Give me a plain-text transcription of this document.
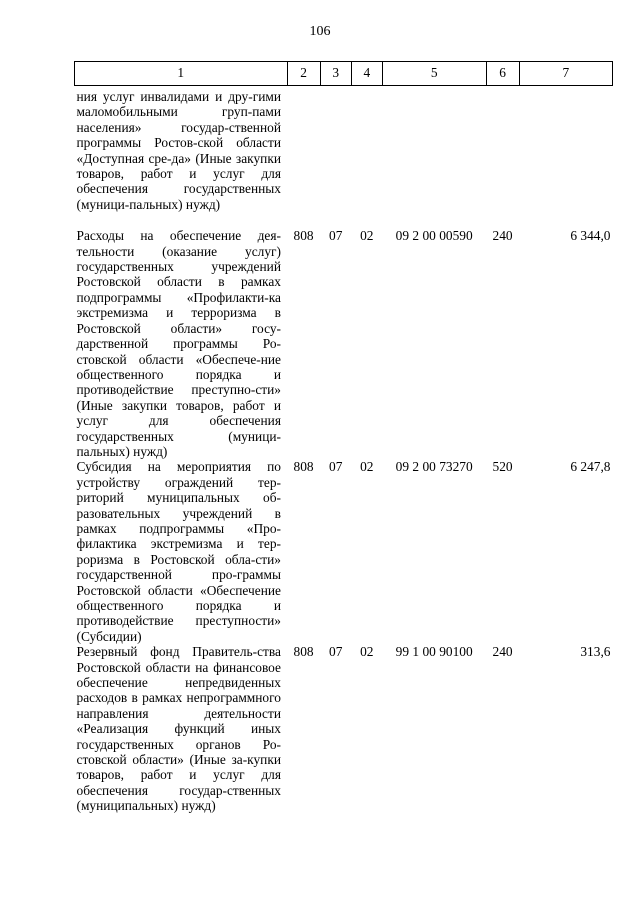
106
1	2	3	4	5	6	7
ния услуг инвалидами и дру-гими маломобильными груп-пами населения» государ-ственной программы Ростов-ской области «Доступная сре-да» (Иные закупки товаров, работ и услуг для обеспечения государственных (муници-пальных) нужд)						
Расходы на обеспечение дея-тельности (оказание услуг) государственных учреждений Ростовской области в рамках подпрограммы «Профилакти-ка экстремизма и терроризма в Ростовской области» госу-дарственной программы Ро-стовской области «Обеспече-ние общественного порядка и противодействие преступно-сти» (Иные закупки товаров, работ и услуг для обеспечения государственных (муници-пальных) нужд)	808	07	02	09 2 00 00590	240	6 344,0
Субсидия на мероприятия по устройству ограждений тер-риторий муниципальных об-разовательных учреждений в рамках подпрограммы «Про-филактика экстремизма и тер-роризма в Ростовской обла-сти» государственной про-граммы Ростовской области «Обеспечение общественного порядка и противодействие преступности» (Субсидии)	808	07	02	09 2 00 73270	520	6 247,8
Резервный фонд Правитель-ства Ростовской области на финансовое обеспечение непредвиденных расходов в рамках непрограммного направления деятельности «Реализация функций иных государственных органов Ро-стовской области» (Иные за-купки товаров, работ и услуг для обеспечения государ-ственных (муниципальных) нужд)	808	07	02	99 1 00 90100	240	313,6
